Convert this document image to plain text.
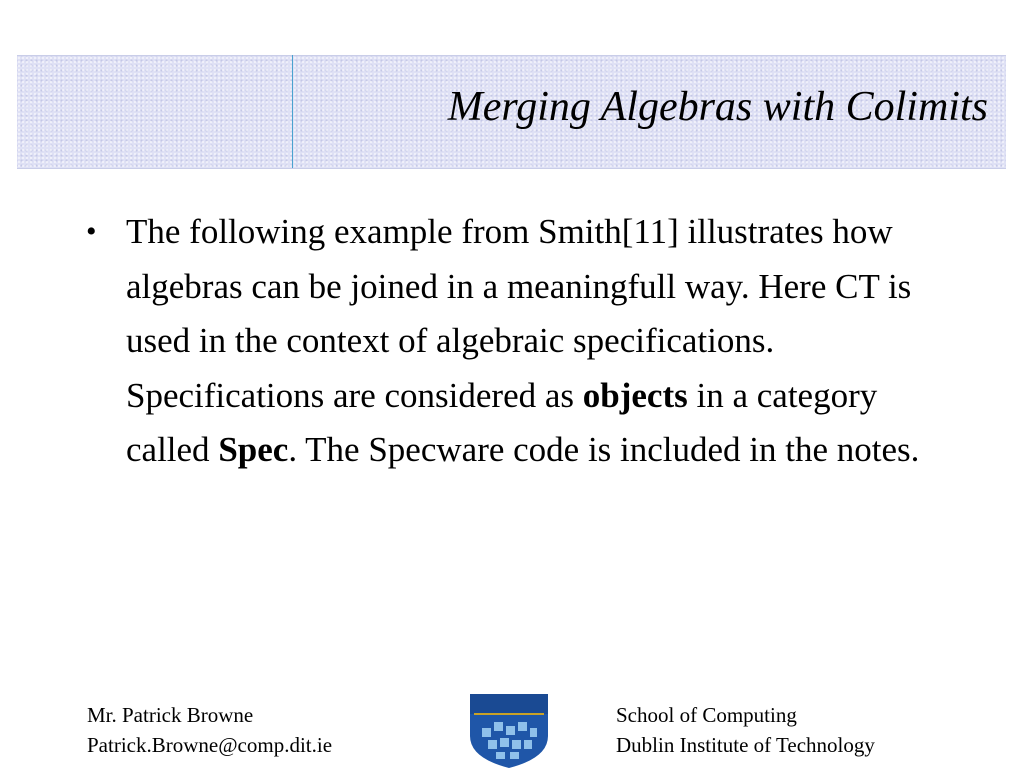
Merging Algebras with Colimits
• The following example from Smith[11] illustrates how algebras can be joined in a meaningfull way. Here CT is used in the context of algebraic specifications. Specifications are considered as objects in a category called Spec. The Specware code is included in the notes.
Mr. Patrick Browne
Patrick.Browne@comp.dit.ie
School of Computing
Dublin Institute of Technology
